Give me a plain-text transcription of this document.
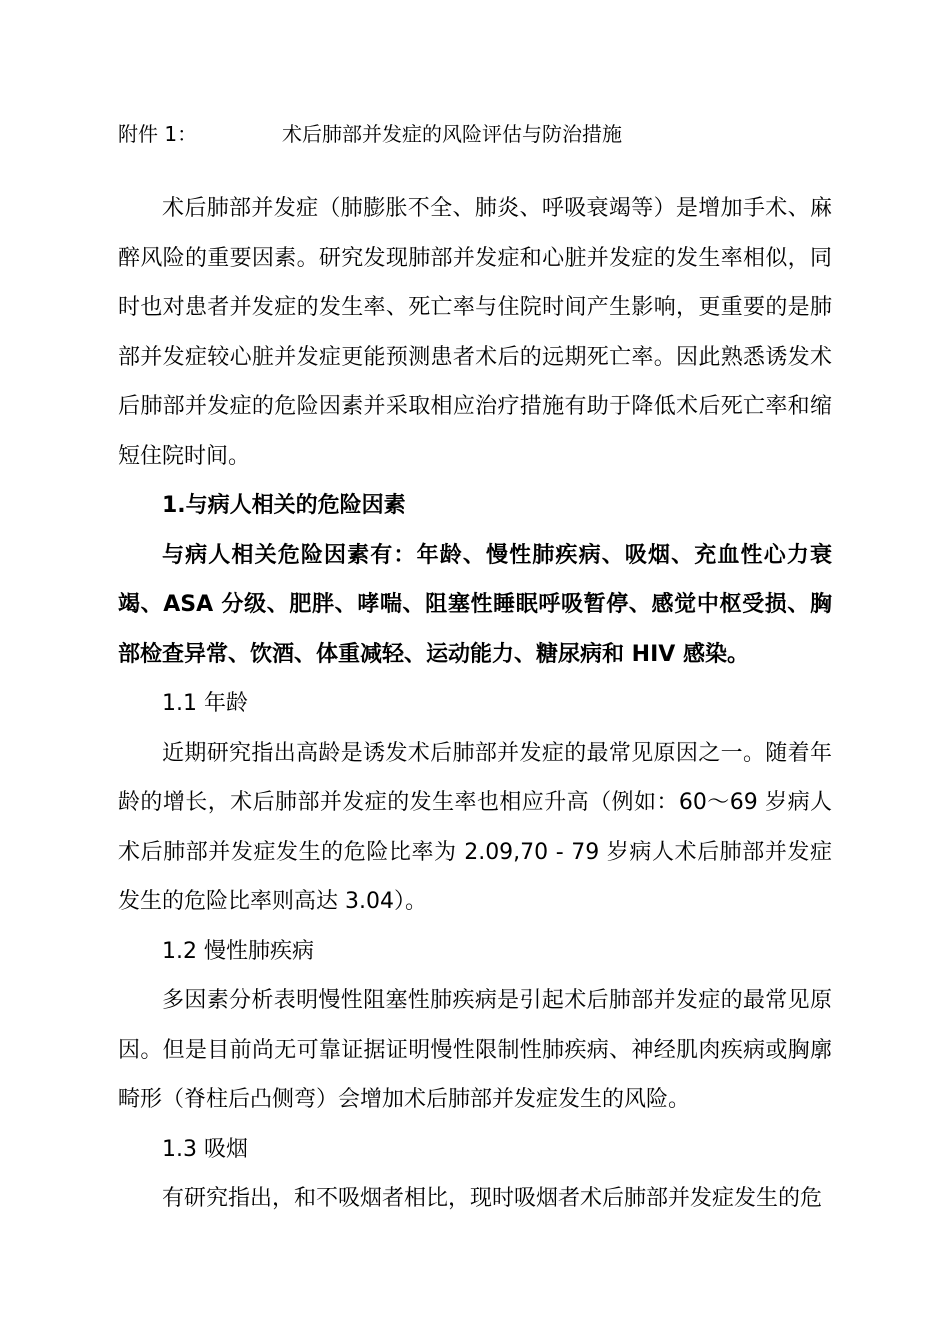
附件 1：	术后肺部并发症的风险评估与防治措施

术后肺部并发症（肺膨胀不全、肺炎、呼吸衰竭等）是增加手术、麻醉风险的重要因素。研究发现肺部并发症和心脏并发症的发生率相似，同时也对患者并发症的发生率、死亡率与住院时间产生影响，更重要的是肺部并发症较心脏并发症更能预测患者术后的远期死亡率。因此熟悉诱发术后肺部并发症的危险因素并采取相应治疗措施有助于降低术后死亡率和缩短住院时间。

1.与病人相关的危险因素

与病人相关危险因素有：年龄、慢性肺疾病、吸烟、充血性心力衰竭、ASA 分级、肥胖、哮喘、阻塞性睡眠呼吸暂停、感觉中枢受损、胸部检查异常、饮酒、体重减轻、运动能力、糖尿病和 HIV 感染。

1.1 年龄

近期研究指出高龄是诱发术后肺部并发症的最常见原因之一。随着年龄的增长，术后肺部并发症的发生率也相应升高（例如：60～69 岁病人术后肺部并发症发生的危险比率为 2.09,70 - 79 岁病人术后肺部并发症发生的危险比率则高达 3.04）。

1.2 慢性肺疾病

多因素分析表明慢性阻塞性肺疾病是引起术后肺部并发症的最常见原因。但是目前尚无可靠证据证明慢性限制性肺疾病、神经肌肉疾病或胸廓畸形（脊柱后凸侧弯）会增加术后肺部并发症发生的风险。

1.3 吸烟

有研究指出，和不吸烟者相比，现时吸烟者术后肺部并发症发生的危
